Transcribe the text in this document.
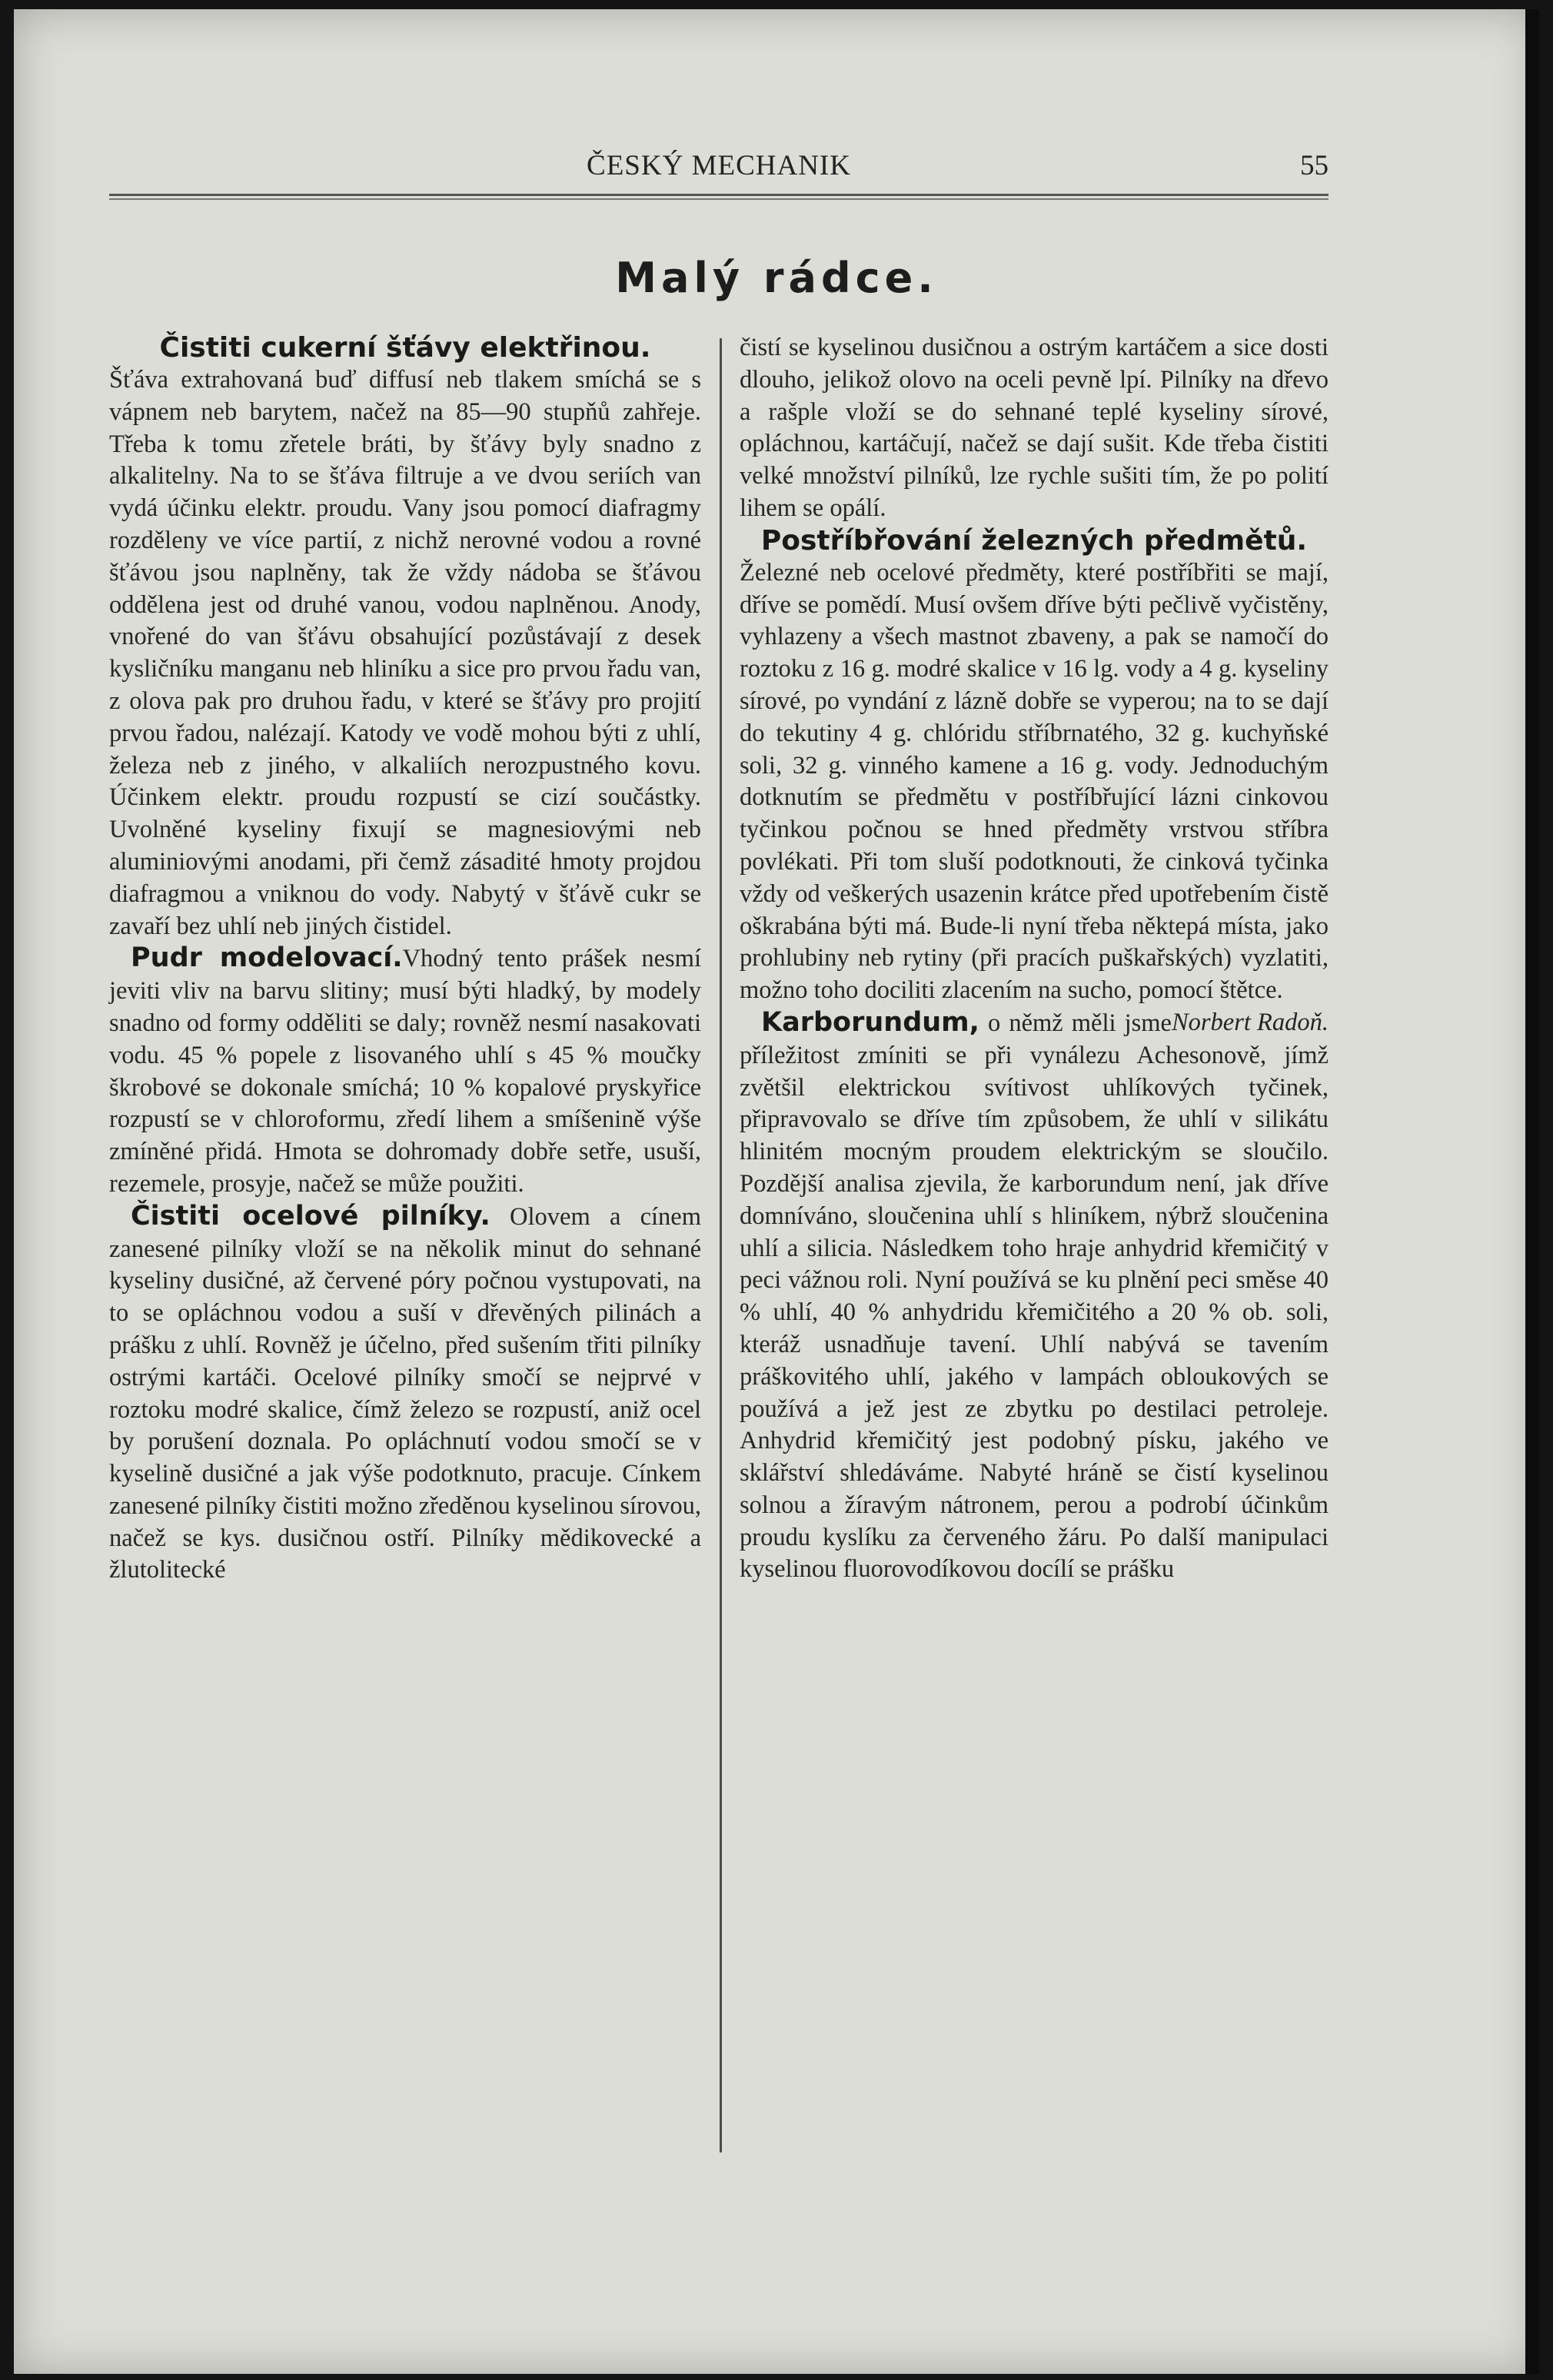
ČESKÝ MECHANIK	55
Malý rádce.
Čistiti cukerní šťávy elektřinou.

Šťáva extrahovaná buď diffusí neb tlakem smíchá se s vápnem neb barytem, načež na 85—90 stupňů zahřeje. Třeba k tomu zřetele bráti, by šťávy byly snadno z alkalitelny. Na to se šťáva filtruje a ve dvou seriích van vydá účinku elektr. proudu. Vany jsou pomocí diafragmy rozděleny ve více partií, z nichž nerovné vodou a rovné šťávou jsou naplněny, tak že vždy nádoba se šťávou oddělena jest od druhé vanou, vodou naplněnou. Anody, vnořené do van šťávu obsahující pozůstávají z desek kysličníku manganu neb hliníku a sice pro prvou řadu van, z olova pak pro druhou řadu, v které se šťávy pro projití prvou řadou, nalézají. Katody ve vodě mohou býti z uhlí, železa neb z jiného, v alkaliích nerozpustného kovu. Účinkem elektr. proudu rozpustí se cizí součástky. Uvolněné kyseliny fixují se magnesiovými neb aluminiovými anodami, při čemž zásadité hmoty projdou diafragmou a vniknou do vody. Nabytý v šťávě cukr se zavaří bez uhlí neb jiných čistidel.

Pudr modelovací.Vhodný tento prášek nesmí jeviti vliv na barvu slitiny; musí býti hladký, by modely snadno od formy odděliti se daly; rovněž nesmí nasakovati vodu. 45 % popele z lisovaného uhlí s 45 % moučky škrobové se dokonale smíchá; 10 % kopalové pryskyřice rozpustí se v chloroformu, zředí lihem a smíšenině výše zmíněné přidá. Hmota se dohromady dobře setře, usuší, rezemele, prosyje, načež se může použiti.

Čistiti ocelové pilníky. Olovem a cínem zanesené pilníky vloží se na několik minut do sehnané kyseliny dusičné, až červené póry počnou vystupovati, na to se opláchnou vodou a suší v dřevěných pilinách a prášku z uhlí. Rovněž je účelno, před sušením třiti pilníky ostrými kartáči. Ocelové pilníky smočí se nejprvé v roztoku modré skalice, čímž železo se rozpustí, aniž ocel by porušení doznala. Po opláchnutí vodou smočí se v kyselině dusičné a jak výše podotknuto, pracuje. Cínkem zanesené pilníky čistiti možno zředěnou kyselinou sírovou, načež se kys. dusičnou ostří. Pilníky mědikovecké a žlutolitecké

čistí se kyselinou dusičnou a ostrým kartáčem a sice dosti dlouho, jelikož olovo na oceli pevně lpí. Pilníky na dřevo a rašple vloží se do sehnané teplé kyseliny sírové, opláchnou, kartáčují, načež se dají sušit. Kde třeba čistiti velké množství pilníků, lze rychle sušiti tím, že po polití lihem se opálí.

Postříbřování železných předmětů.

Železné neb ocelové předměty, které postříbřiti se mají, dříve se pomědí. Musí ovšem dříve býti pečlivě vyčistěny, vyhlazeny a všech mastnot zbaveny, a pak se namočí do roztoku z 16 g. modré skalice v 16 lg. vody a 4 g. kyseliny sírové, po vyndání z lázně dobře se vyperou; na to se dají do tekutiny 4 g. chlóridu stříbrnatého, 32 g. kuchyňské soli, 32 g. vinného kamene a 16 g. vody. Jednoduchým dotknutím se předmětu v postříbřující lázni cinkovou tyčinkou počnou se hned předměty vrstvou stříbra povlékati. Při tom sluší podotknouti, že cinková tyčinka vždy od veškerých usazenin krátce před upotřebením čistě oškrabána býti má. Bude-li nyní třeba něktерá místa, jako prohlubiny neb rytiny (při pracích puškařských) vyzlatiti, možno toho dociliti zlacením na sucho, pomocí štětce.
Norbert Radoň.

Karborundum, o němž měli jsme příležitost zmíniti se při vynálezu Achesonově, jímž zvětšil elektrickou svítivost uhlíkových tyčinek, připravovalo se dříve tím způsobem, že uhlí v silikátu hlinitém mocným proudem elektrickým se sloučilo. Pozdější analisa zjevila, že karborundum není, jak dříve domníváno, sloučenina uhlí s hliníkem, nýbrž sloučenina uhlí a silicia. Následkem toho hraje anhydrid křemičitý v peci vážnou roli. Nyní používá se ku plnění peci směse 40 % uhlí, 40 % anhydridu křemičitého a 20 % ob. soli, kteráž usnadňuje tavení. Uhlí nabývá se tavením práškovitého uhlí, jakého v lampách obloukových se používá a jež jest ze zbytku po destilaci petroleje. Anhydrid křemičitý jest podobný písku, jakého ve sklářství shledáváme. Nabyté hráně se čistí kyselinou solnou a žíravým nátronem, perou a podrobí účinkům proudu kyslíku za červeného žáru. Po další manipulaci kyselinou fluorovodíkovou docílí se prášku
